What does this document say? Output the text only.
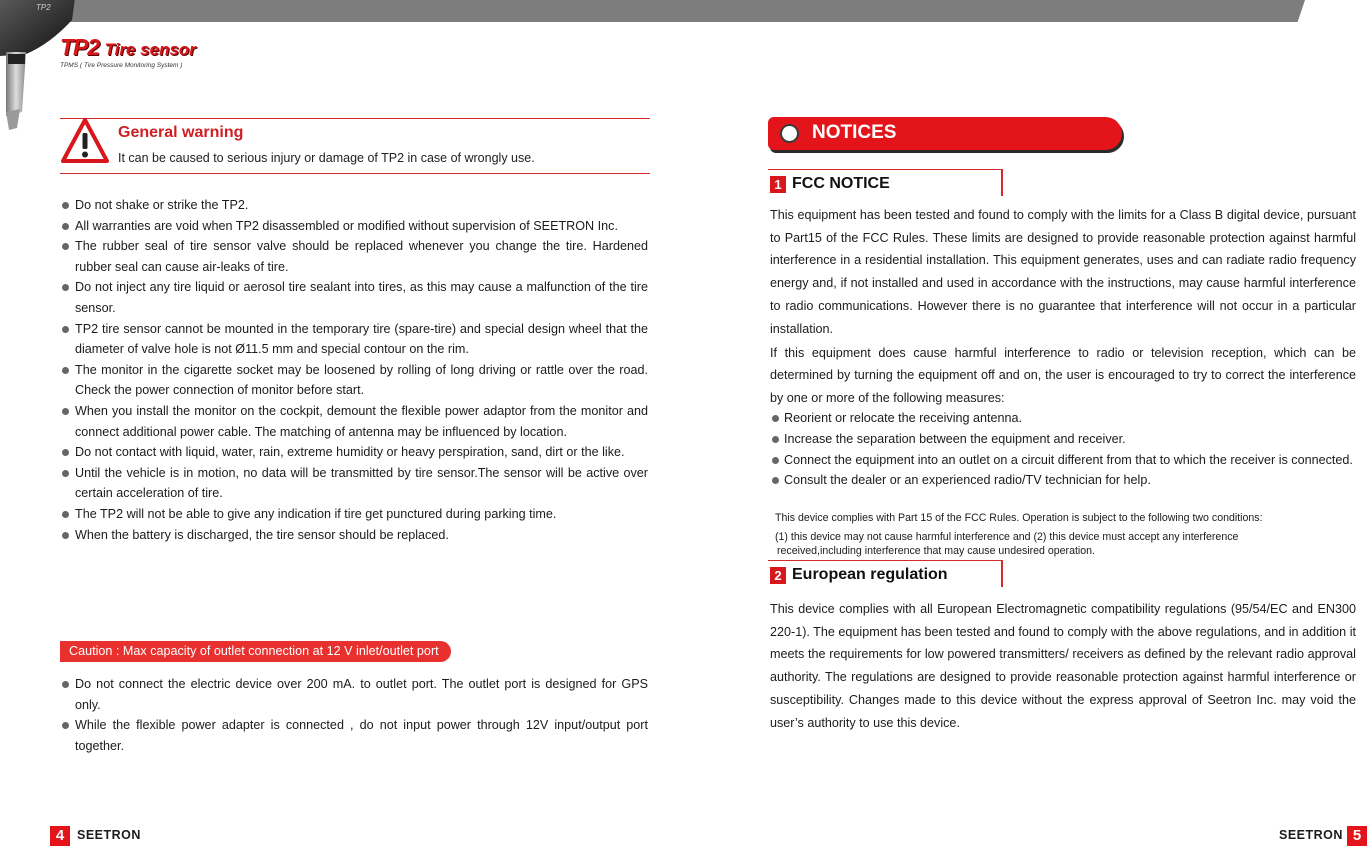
TP2
TP2 Tire sensor
TPMS ( Tire Pressure Monitoring System )
General warning
It can be caused to serious injury or damage of TP2 in case of wrongly use.
Do not shake or strike the TP2.
All warranties are void when TP2 disassembled or modified without supervision of SEETRON Inc.
The rubber seal of tire sensor valve should be replaced whenever you change the tire. Hardened rubber seal can cause air-leaks of tire.
Do not inject any tire liquid or aerosol tire sealant into tires, as this may cause a malfunction of the tire sensor.
TP2 tire sensor cannot be mounted in the temporary tire (spare-tire) and special design wheel that the diameter of valve hole is not Ø11.5 mm and special contour on the rim.
The monitor in the cigarette socket may be loosened by rolling of long driving or rattle over the road. Check the power connection of monitor before start.
When you install the monitor on the cockpit, demount the flexible power adaptor from the monitor and connect additional power cable. The matching of antenna may be influenced by location.
Do not contact with liquid, water, rain, extreme humidity or heavy perspiration, sand, dirt or the like.
Until the vehicle is in motion, no data will be transmitted by tire sensor.The sensor will be active over certain acceleration of tire.
The TP2 will not be able to give any indication if tire get punctured during parking time.
When the battery is discharged, the tire sensor should be replaced.
Caution : Max capacity of outlet connection at 12 V inlet/outlet port
Do not connect the electric device over 200 mA. to outlet port. The outlet port is designed for GPS only.
While the flexible power adapter is connected , do not input power through 12V input/output port together.
NOTICES
1 FCC NOTICE

This equipment has been tested and found to comply with the limits for a Class B digital device, pursuant to Part15 of the FCC Rules. These limits are designed to provide reasonable protection against harmful interference in a residential installation. This equipment generates, uses and can radiate radio frequency energy and, if not installed and used in accordance with the instructions, may cause harmful interference to radio communications. However there is no guarantee that interference will not occur in a particular installation.

If this equipment does cause harmful interference to radio or television reception, which can be determined by turning the equipment off and on, the user is encouraged to try to correct the interference by one or more of the following measures:

Reorient or relocate the receiving antenna.
Increase the separation between the equipment and receiver.
Connect the equipment into an outlet on a circuit different from that to which the receiver is connected.
Consult the dealer or an experienced radio/TV technician for help.

This device complies with Part 15 of the FCC Rules. Operation is subject to the following two conditions:

(1) this device may not cause harmful interference and (2) this device must accept any interference

received,including interference that may cause undesired operation.

2 European regulation

This device complies with all European Electromagnetic compatibility regulations (95/54/EC and EN300 220-1). The equipment has been tested and found to comply with the above regulations, and in addition it meets the requirements for low powered transmitters/ receivers as defined by the relevant radio approval authority. The regulations are designed to provide reasonable protection against harmful interference or susceptibility. Changes made to this device without the express approval of Seetron Inc. may void the user’s authority to use this device.

4	SEETRON	SEETRON 5
